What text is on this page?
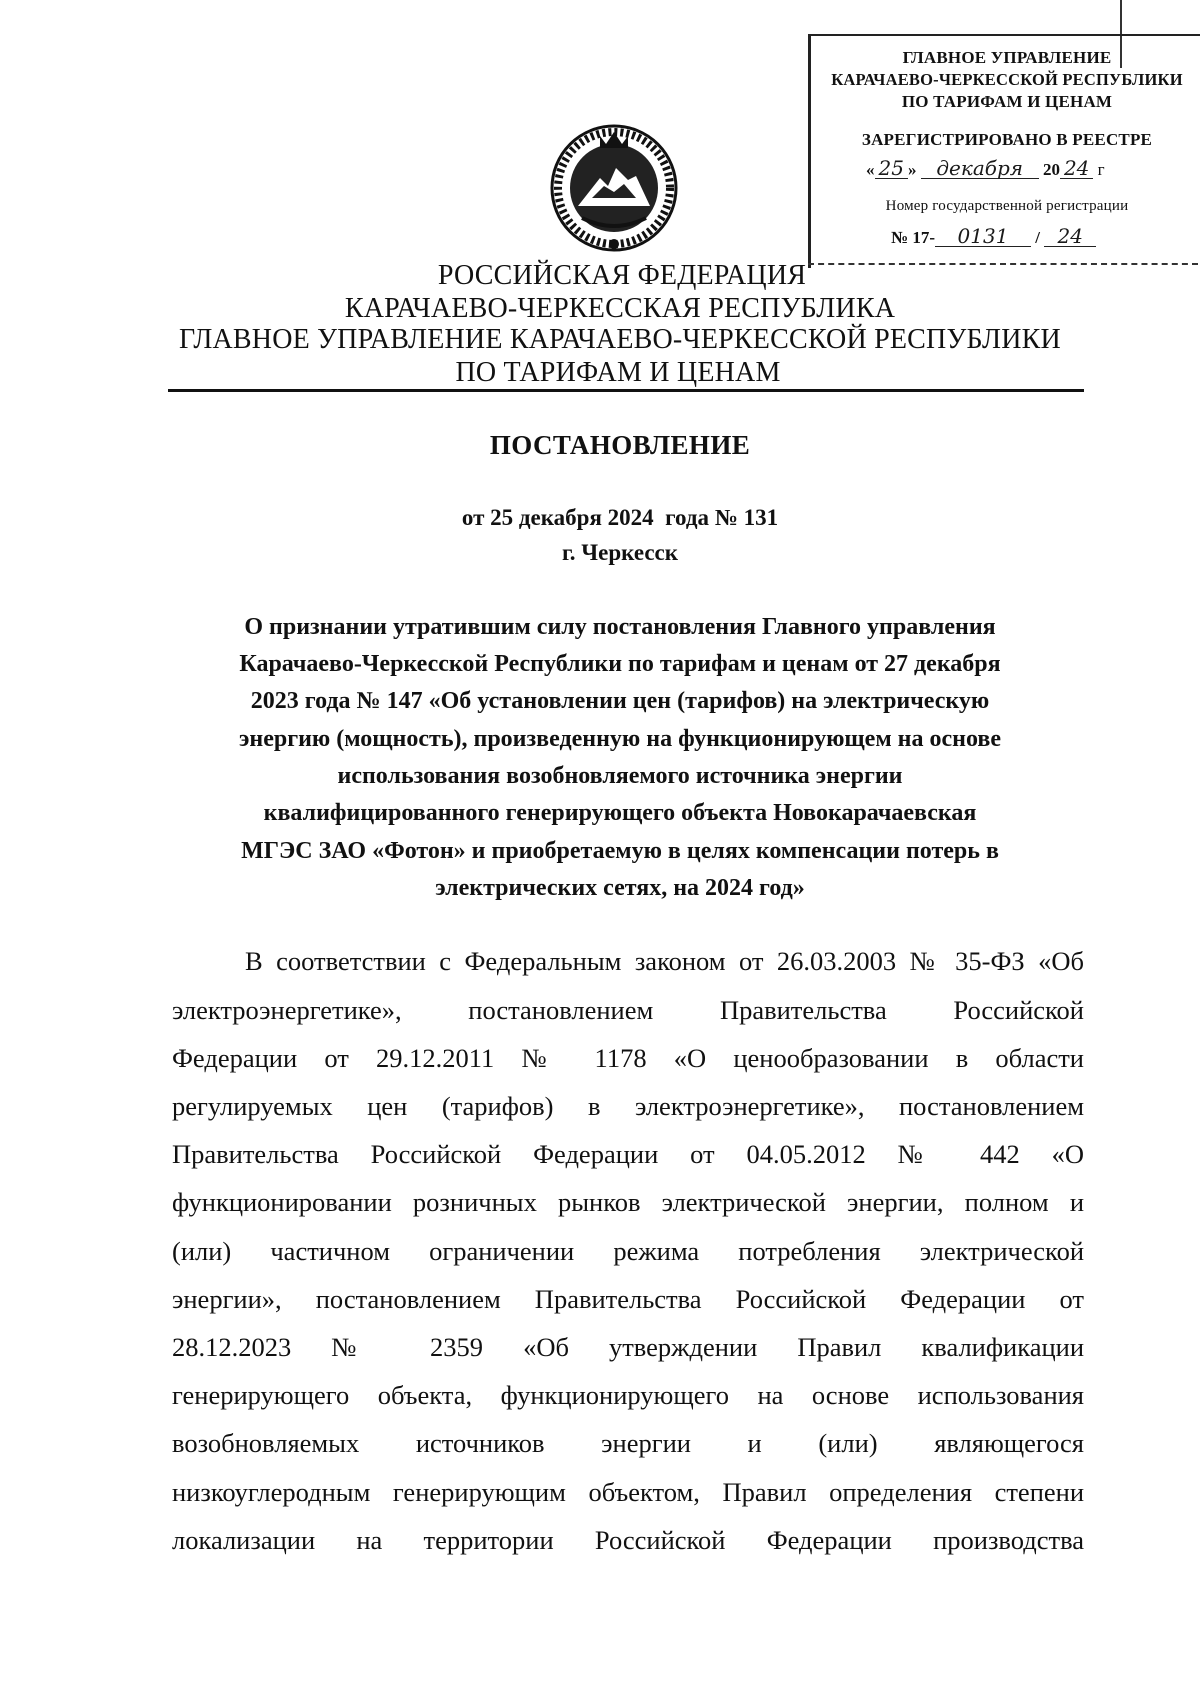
ГЛАВНОЕ УПРАВЛЕНИЕ
КАРАЧАЕВО-ЧЕРКЕССКОЙ РЕСПУБЛИКИ
ПО ТАРИФАМ И ЦЕНАМ
ЗАРЕГИСТРИРОВАНО В РЕЕСТРЕ
« 25 » декабря 20 24 г
Номер государственной регистрации
№ 17- 0131 / 24
РОССИЙСКАЯ ФЕДЕРАЦИЯ
КАРАЧАЕВО-ЧЕРКЕССКАЯ РЕСПУБЛИКА
ГЛАВНОЕ УПРАВЛЕНИЕ КАРАЧАЕВО-ЧЕРКЕССКОЙ РЕСПУБЛИКИ
ПО ТАРИФАМ И ЦЕНАМ
ПОСТАНОВЛЕНИЕ
от 25 декабря 2024  года № 131
г. Черкесск
О признании утратившим силу постановления Главного управления
Карачаево-Черкесской Республики по тарифам и ценам от 27 декабря
2023 года № 147 «Об установлении цен (тарифов) на электрическую
энергию (мощность), произведенную на функционирующем на основе
использования возобновляемого источника энергии
квалифицированного генерирующего объекта Новокарачаевская
МГЭС ЗАО «Фотон» и приобретаемую в целях компенсации потерь в
электрических сетях, на 2024 год»
В соответствии с Федеральным законом от 26.03.2003 № 35-ФЗ «Об
электроэнергетике», постановлением Правительства Российской
Федерации от 29.12.2011 № 1178 «О ценообразовании в области
регулируемых цен (тарифов) в электроэнергетике», постановлением
Правительства Российской Федерации от 04.05.2012 № 442 «О
функционировании розничных рынков электрической энергии, полном и
(или) частичном ограничении режима потребления электрической
энергии», постановлением Правительства Российской Федерации от
28.12.2023 № 2359 «Об утверждении Правил квалификации
генерирующего объекта, функционирующего на основе использования
возобновляемых источников энергии и (или) являющегося
низкоуглеродным генерирующим объектом, Правил определения степени
локализации на территории Российской Федерации производства
